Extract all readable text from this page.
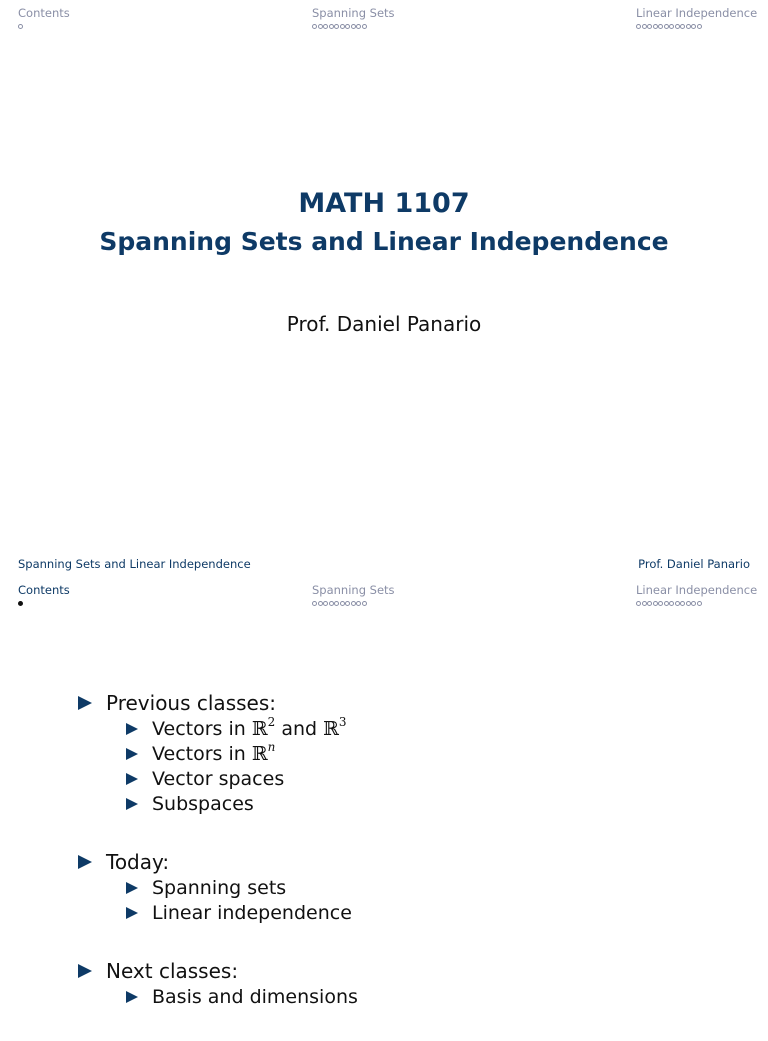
Contents	Spanning Sets	Linear Independence
MATH 1107
Spanning Sets and Linear Independence
Prof. Daniel Panario
Spanning Sets and Linear Independence	Prof. Daniel Panario
Contents	Spanning Sets	Linear Independence
Previous classes:
Vectors in ℝ$^2$ and ℝ$^3$
Vectors in ℝ$^n$
Vector spaces
Subspaces
Today:
Spanning sets
Linear independence
Next classes:
Basis and dimensions
